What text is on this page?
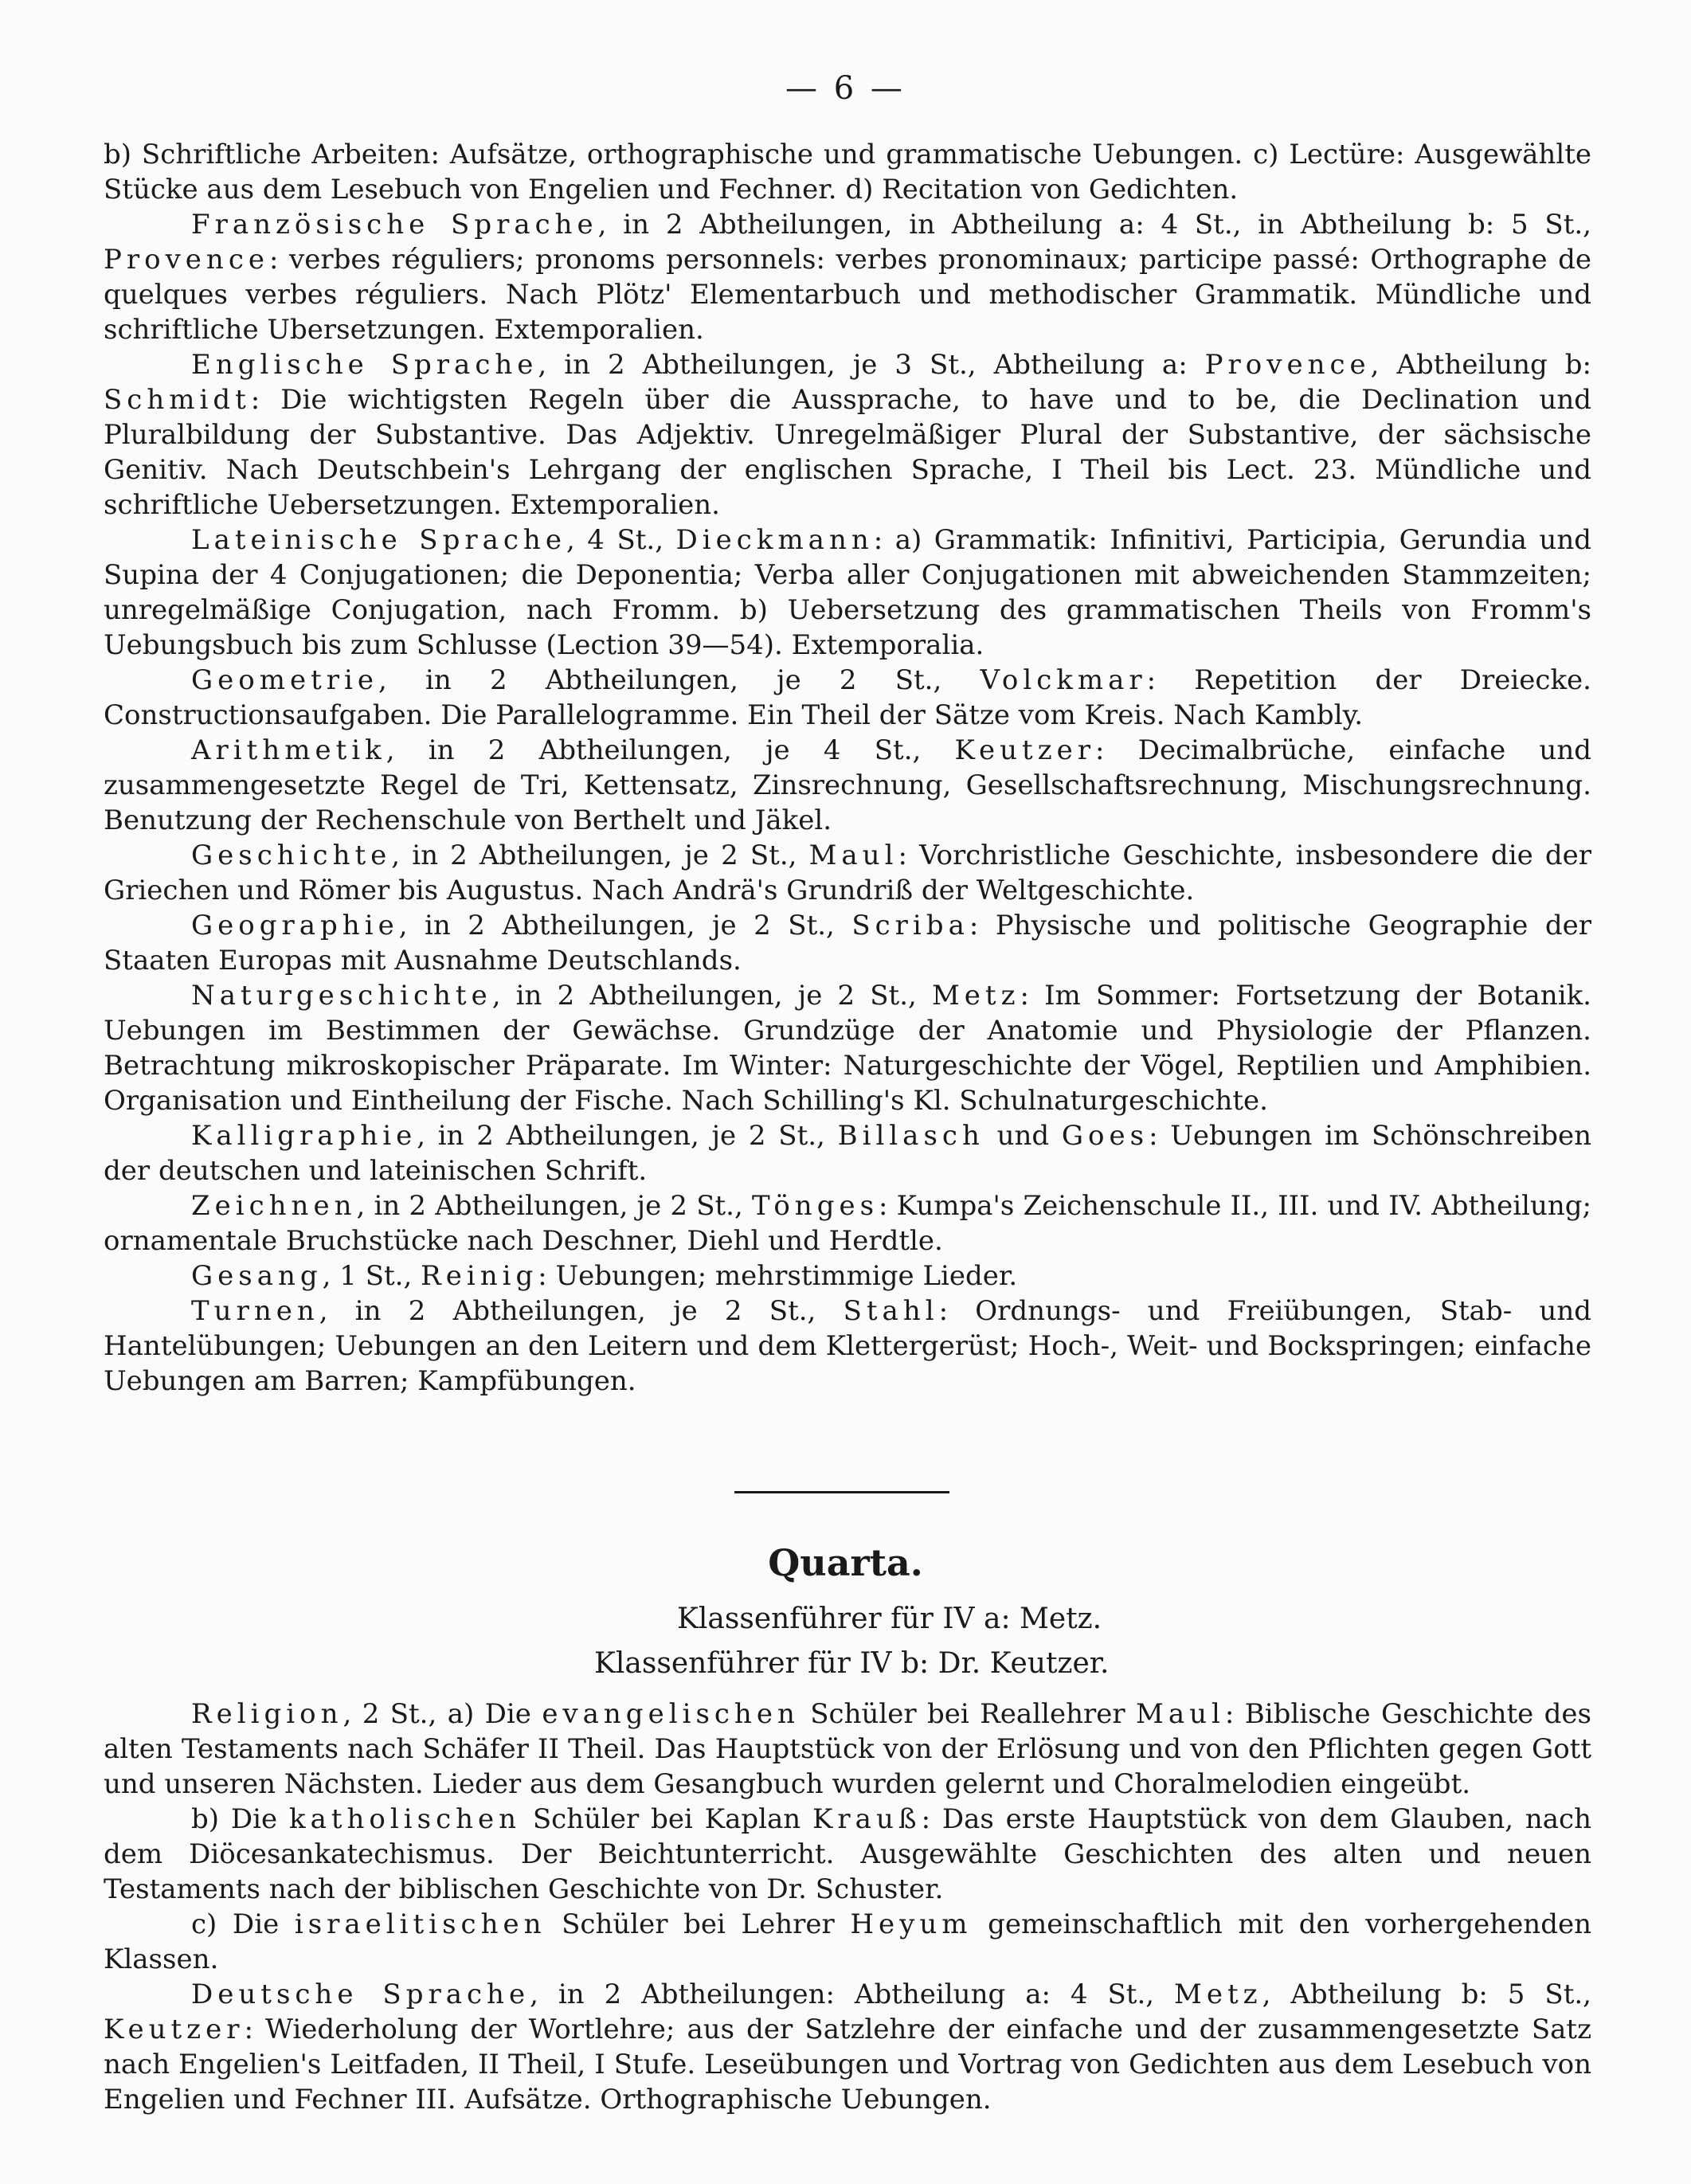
— 6 —

b) Schriftliche Arbeiten: Aufsätze, orthographische und grammatische Uebungen. c) Lectüre: Ausgewählte Stücke aus dem Lesebuch von Engelien und Fechner. d) Recitation von Gedichten.

Französische Sprache, in 2 Abtheilungen, in Abtheilung a: 4 St., in Abtheilung b: 5 St., Provence: verbes réguliers; pronoms personnels: verbes pronominaux; participe passé: Orthographe de quelques verbes réguliers. Nach Plötz' Elementarbuch und methodischer Grammatik. Mündliche und schriftliche Ubersetzungen. Extemporalien.

Englische Sprache, in 2 Abtheilungen, je 3 St., Abtheilung a: Provence, Abtheilung b: Schmidt: Die wichtigsten Regeln über die Aussprache, to have und to be, die Declination und Pluralbildung der Substantive. Das Adjektiv. Unregelmäßiger Plural der Substantive, der sächsische Genitiv. Nach Deutschbein's Lehrgang der englischen Sprache, I Theil bis Lect. 23. Mündliche und schriftliche Uebersetzungen. Extemporalien.

Lateinische Sprache, 4 St., Dieckmann: a) Grammatik: Infinitivi, Participia, Gerundia und Supina der 4 Conjugationen; die Deponentia; Verba aller Conjugationen mit abweichenden Stammzeiten; unregelmäßige Conjugation, nach Fromm. b) Uebersetzung des grammatischen Theils von Fromm's Uebungsbuch bis zum Schlusse (Lection 39—54). Extemporalia.

Geometrie, in 2 Abtheilungen, je 2 St., Volckmar: Repetition der Dreiecke. Constructionsaufgaben. Die Parallelogramme. Ein Theil der Sätze vom Kreis. Nach Kambly.

Arithmetik, in 2 Abtheilungen, je 4 St., Keutzer: Decimalbrüche, einfache und zusammengesetzte Regel de Tri, Kettensatz, Zinsrechnung, Gesellschaftsrechnung, Mischungsrechnung. Benutzung der Rechenschule von Berthelt und Jäkel.

Geschichte, in 2 Abtheilungen, je 2 St., Maul: Vorchristliche Geschichte, insbesondere die der Griechen und Römer bis Augustus. Nach Andrä's Grundriß der Weltgeschichte.

Geographie, in 2 Abtheilungen, je 2 St., Scriba: Physische und politische Geographie der Staaten Europas mit Ausnahme Deutschlands.

Naturgeschichte, in 2 Abtheilungen, je 2 St., Metz: Im Sommer: Fortsetzung der Botanik. Uebungen im Bestimmen der Gewächse. Grundzüge der Anatomie und Physiologie der Pflanzen. Betrachtung mikroskopischer Präparate. Im Winter: Naturgeschichte der Vögel, Reptilien und Amphibien. Organisation und Eintheilung der Fische. Nach Schilling's Kl. Schulnaturgeschichte.

Kalligraphie, in 2 Abtheilungen, je 2 St., Billasch und Goes: Uebungen im Schönschreiben der deutschen und lateinischen Schrift.

Zeichnen, in 2 Abtheilungen, je 2 St., Tönges: Kumpa's Zeichenschule II., III. und IV. Abtheilung; ornamentale Bruchstücke nach Deschner, Diehl und Herdtle.

Gesang, 1 St., Reinig: Uebungen; mehrstimmige Lieder.

Turnen, in 2 Abtheilungen, je 2 St., Stahl: Ordnungs- und Freiübungen, Stab- und Hantelübungen; Uebungen an den Leitern und dem Klettergerüst; Hoch-, Weit- und Bockspringen; einfache Uebungen am Barren; Kampfübungen.

Quarta.
Klassenführer für IV a: Metz.
Klassenführer für IV b: Dr. Keutzer.

Religion, 2 St., a) Die evangelischen Schüler bei Reallehrer Maul: Biblische Geschichte des alten Testaments nach Schäfer II Theil. Das Hauptstück von der Erlösung und von den Pflichten gegen Gott und unseren Nächsten. Lieder aus dem Gesangbuch wurden gelernt und Choralmelodien eingeübt.

b) Die katholischen Schüler bei Kaplan Krauß: Das erste Hauptstück von dem Glauben, nach dem Diöcesankatechismus. Der Beichtunterricht. Ausgewählte Geschichten des alten und neuen Testaments nach der biblischen Geschichte von Dr. Schuster.

c) Die israelitischen Schüler bei Lehrer Heyum gemeinschaftlich mit den vorhergehenden Klassen.

Deutsche Sprache, in 2 Abtheilungen: Abtheilung a: 4 St., Metz, Abtheilung b: 5 St., Keutzer: Wiederholung der Wortlehre; aus der Satzlehre der einfache und der zusammengesetzte Satz nach Engelien's Leitfaden, II Theil, I Stufe. Leseübungen und Vortrag von Gedichten aus dem Lesebuch von Engelien und Fechner III. Aufsätze. Orthographische Uebungen.
